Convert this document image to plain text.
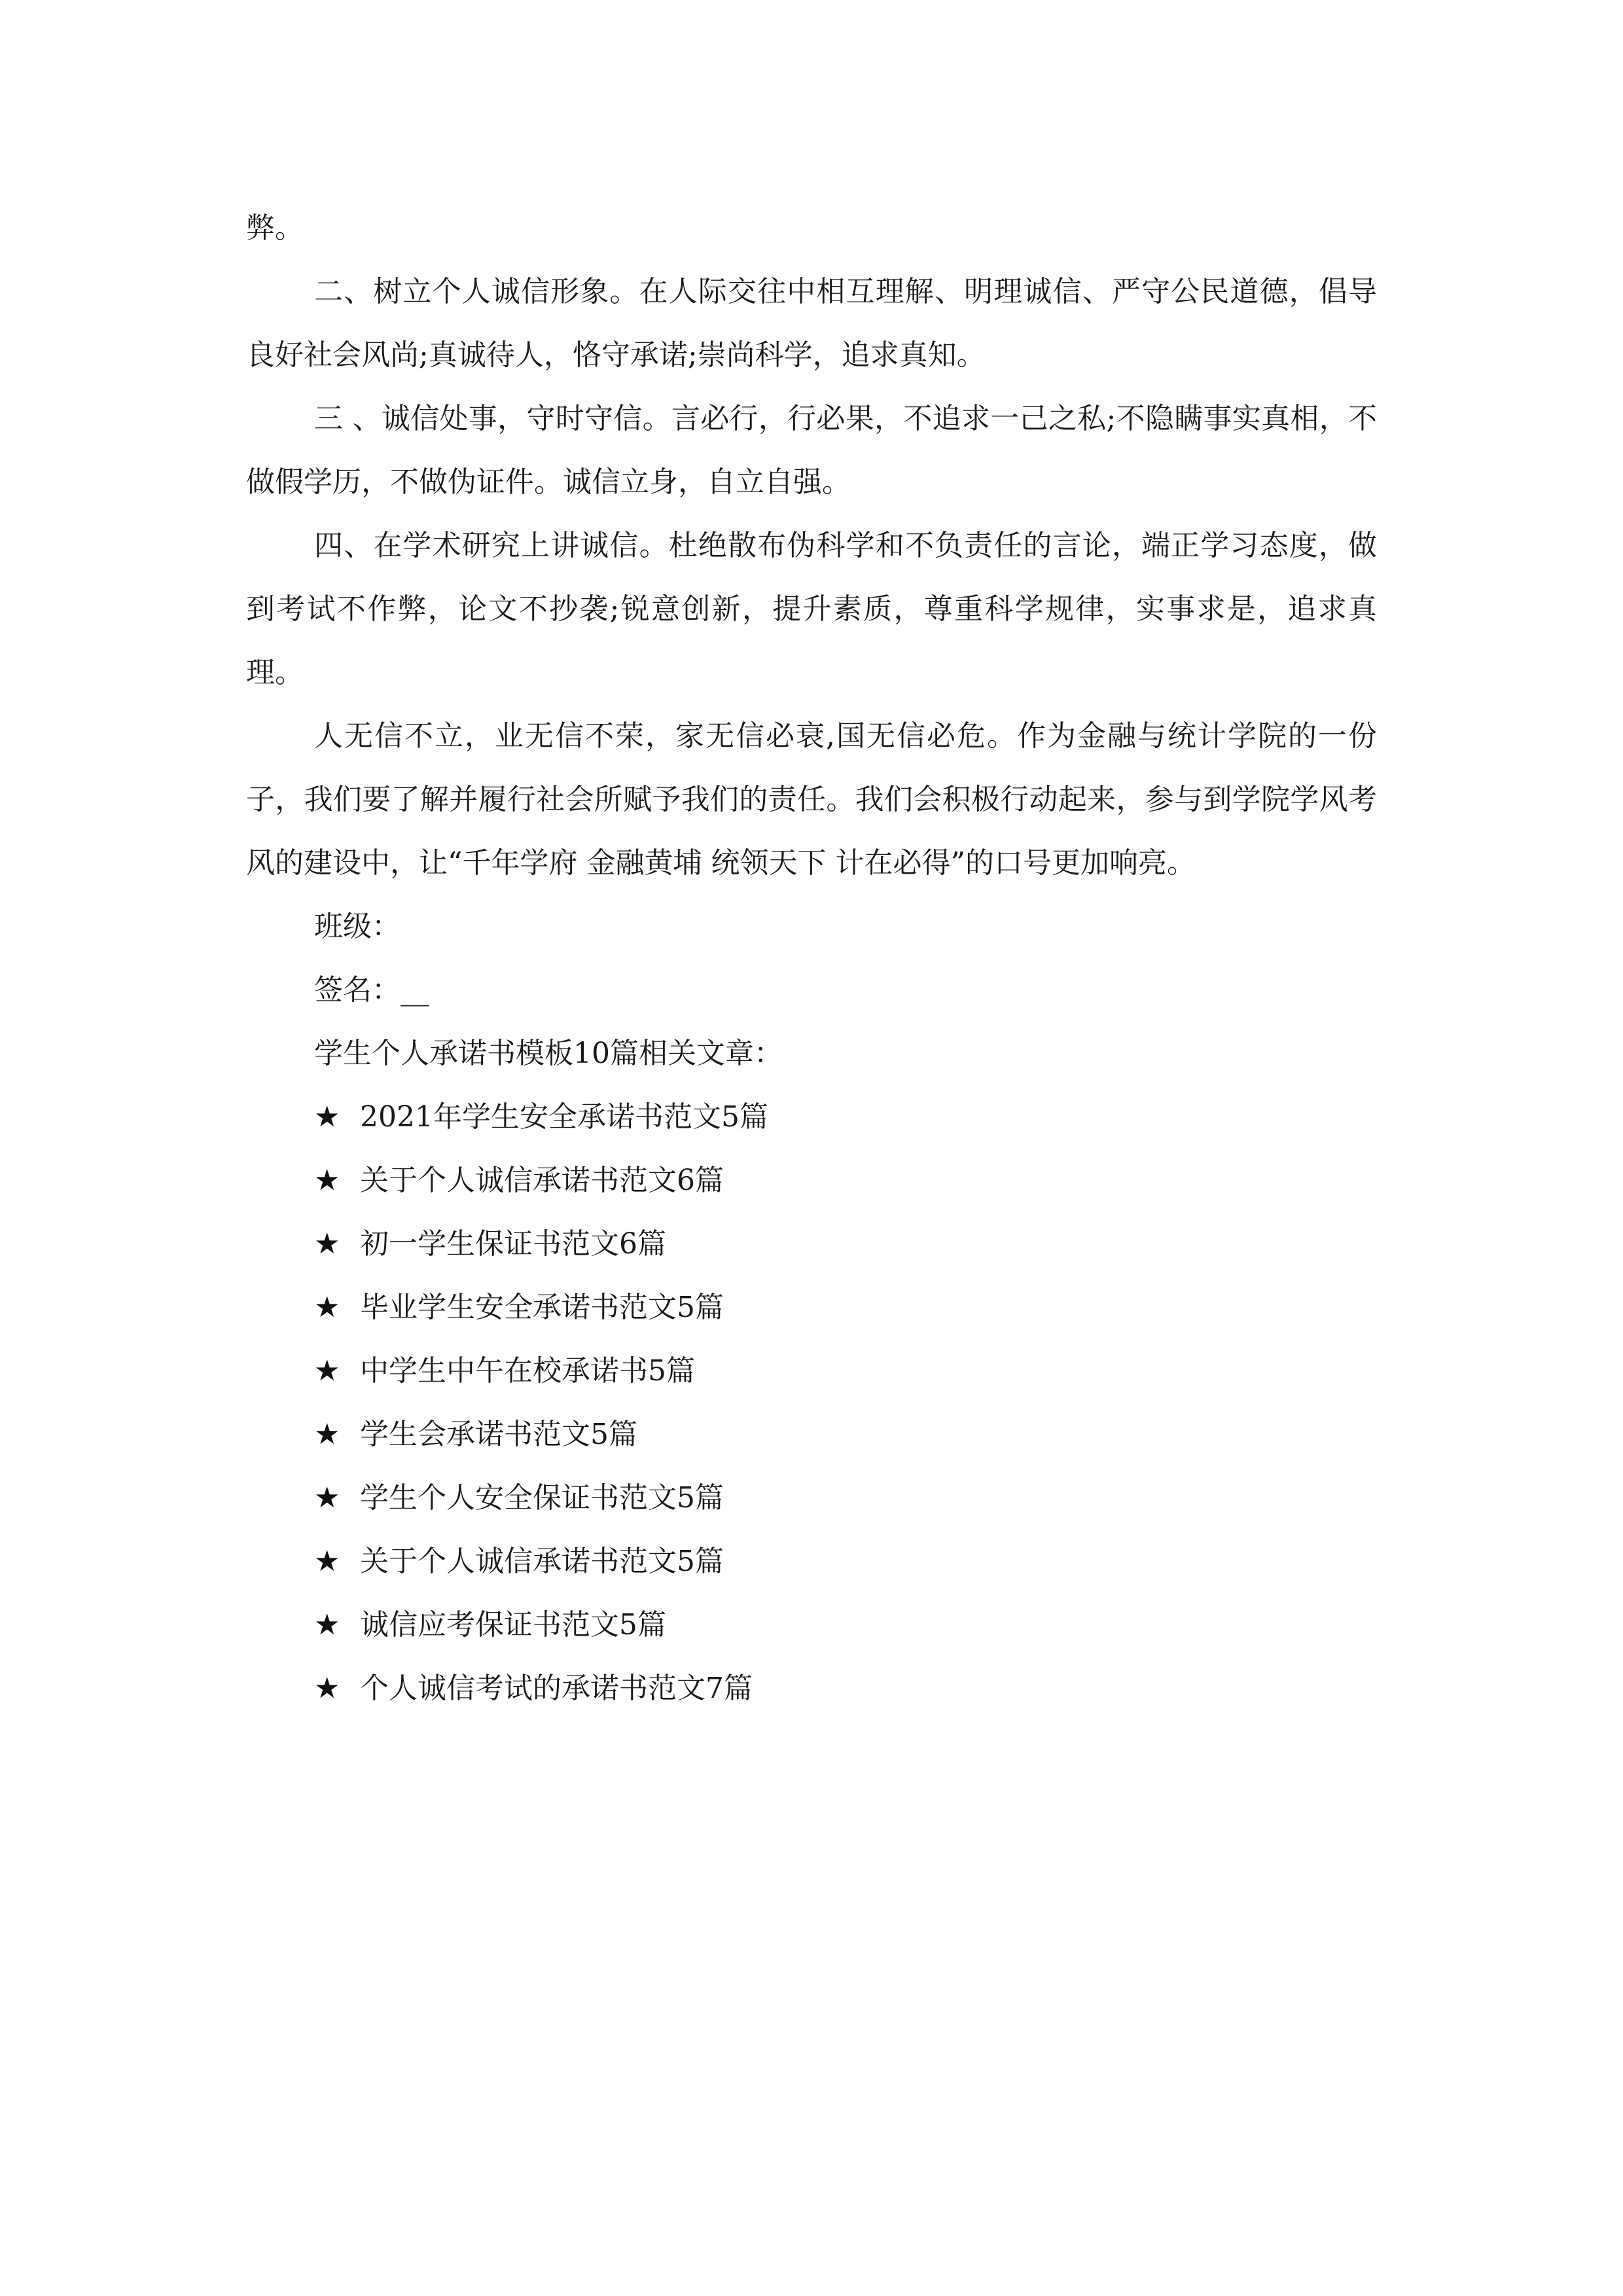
弊。

二、树立个人诚信形象。在人际交往中相互理解、明理诚信、严守公民道德，倡导良好社会风尚;真诚待人，恪守承诺;崇尚科学，追求真知。

三 、诚信处事，守时守信。言必行，行必果，不追求一己之私;不隐瞒事实真相，不做假学历，不做伪证件。诚信立身，自立自强。

四、在学术研究上讲诚信。杜绝散布伪科学和不负责任的言论，端正学习态度，做到考试不作弊，论文不抄袭;锐意创新，提升素质，尊重科学规律，实事求是，追求真理。

人无信不立，业无信不荣，家无信必衰,国无信必危。作为金融与统计学院的一份子，我们要了解并履行社会所赋予我们的责任。我们会积极行动起来，参与到学院学风考风的建设中，让“千年学府 金融黄埔 统领天下 计在必得”的口号更加响亮。

班级：

签名：__

学生个人承诺书模板10篇相关文章：

★ 2021年学生安全承诺书范文5篇
★ 关于个人诚信承诺书范文6篇
★ 初一学生保证书范文6篇
★ 毕业学生安全承诺书范文5篇
★ 中学生中午在校承诺书5篇
★ 学生会承诺书范文5篇
★ 学生个人安全保证书范文5篇
★ 关于个人诚信承诺书范文5篇
★ 诚信应考保证书范文5篇
★ 个人诚信考试的承诺书范文7篇
